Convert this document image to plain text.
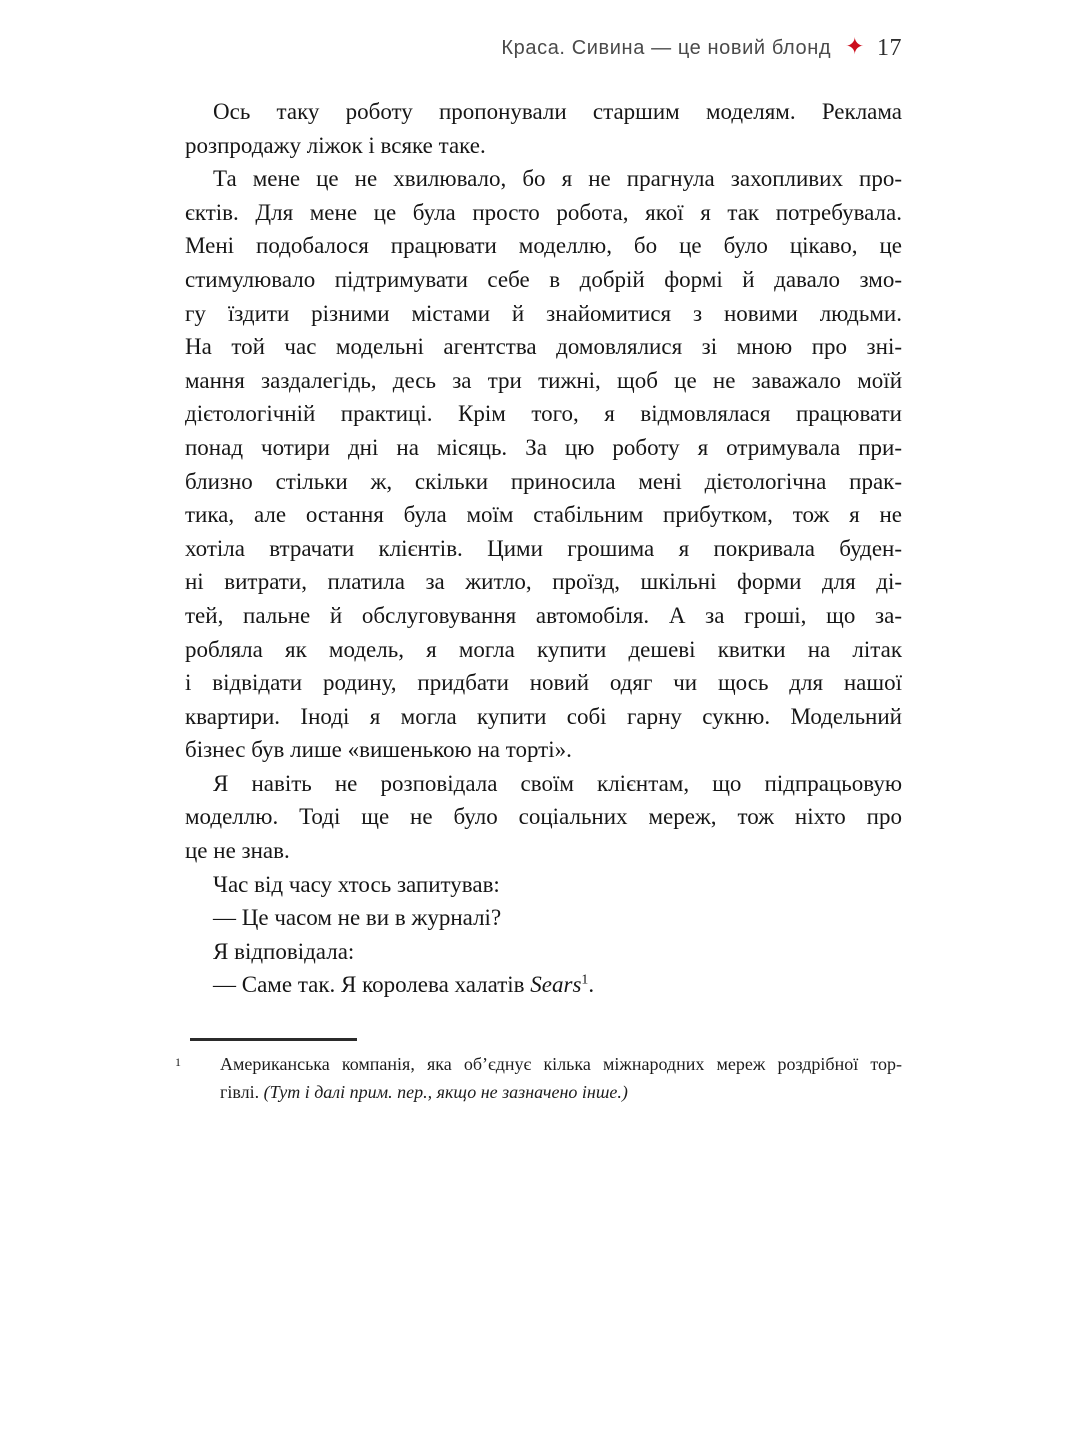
Краса. Сивина — це новий блонд ✦ 17
Ось таку роботу пропонували старшим моделям. Реклама
розпродажу ліжок і всяке таке.
Та мене це не хвилювало, бо я не прагнула захопливих про-
єктів. Для мене це була просто робота, якої я так потребувала.
Мені подобалося працювати моделлю, бо це було цікаво, це
стимулювало підтримувати себе в добрій формі й давало змо-
гу їздити різними містами й знайомитися з новими людьми.
На той час модельні агентства домовлялися зі мною про зні-
мання заздалегідь, десь за три тижні, щоб це не заважало моїй
дієтологічній практиці. Крім того, я відмовлялася працювати
понад чотири дні на місяць. За цю роботу я отримувала при-
близно стільки ж, скільки приносила мені дієтологічна прак-
тика, але остання була моїм стабільним прибутком, тож я не
хотіла втрачати клієнтів. Цими грошима я покривала буден-
ні витрати, платила за житло, проїзд, шкільні форми для ді-
тей, пальне й обслуговування автомобіля. А за гроші, що за-
робляла як модель, я могла купити дешеві квитки на літак
і відвідати родину, придбати новий одяг чи щось для нашої
квартири. Іноді я могла купити собі гарну сукню. Модельний
бізнес був лише «вишенькою на торті».
Я навіть не розповідала своїм клієнтам, що підпрацьовую
моделлю. Тоді ще не було соціальних мереж, тож ніхто про
це не знав.
Час від часу хтось запитував:
— Це часом не ви в журналі?
Я відповідала:
— Саме так. Я королева халатів Sears$^1$.
1 Американська компанія, яка об’єднує кілька міжнародних мереж роздрібної тор-
гівлі. (Тут і далі прим. пер., якщо не зазначено інше.)
